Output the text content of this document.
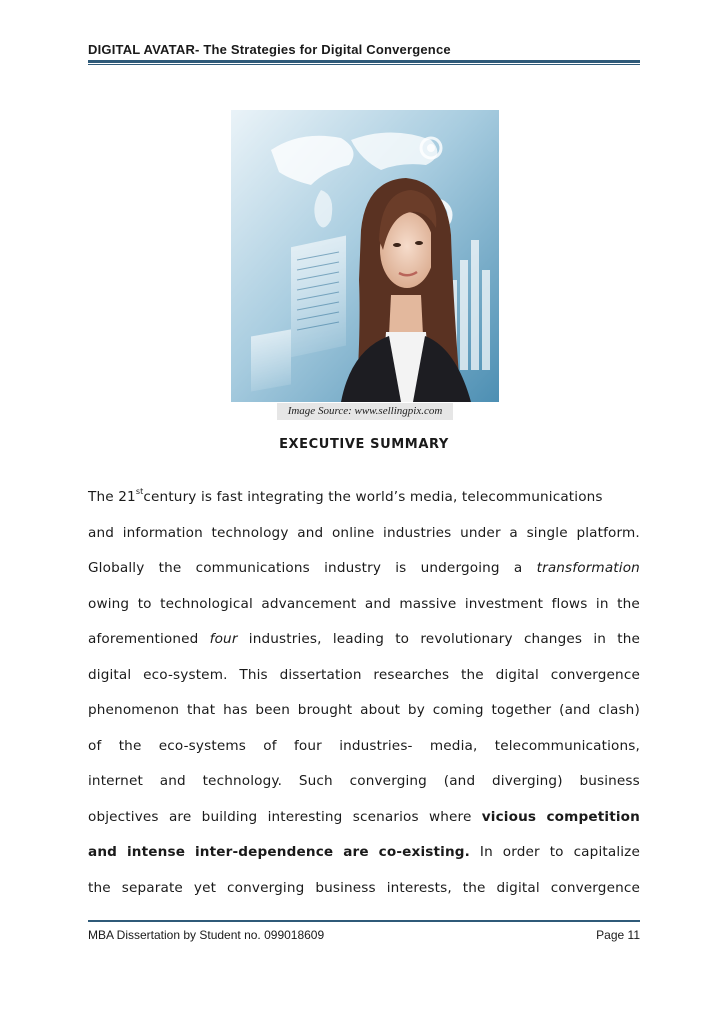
DIGITAL AVATAR- The Strategies for Digital Convergence
Image Source: www.sellingpix.com
EXECUTIVE SUMMARY
The 21stcentury is fast integrating the world’s media, telecommunications
and information technology and online industries under a single platform.
Globally the communications industry is undergoing a transformation
owing to technological advancement and massive investment flows in the
aforementioned four industries, leading to revolutionary changes in the
digital eco-system. This dissertation researches the digital convergence
phenomenon that has been brought about by coming together (and clash)
of the eco-systems of four industries- media, telecommunications,
internet and technology. Such converging (and diverging) business
objectives are building interesting scenarios where vicious competition
and intense inter-dependence are co-existing. In order to capitalize
the separate yet converging business interests, the digital convergence
MBA Dissertation by Student no. 099018609	Page 11
